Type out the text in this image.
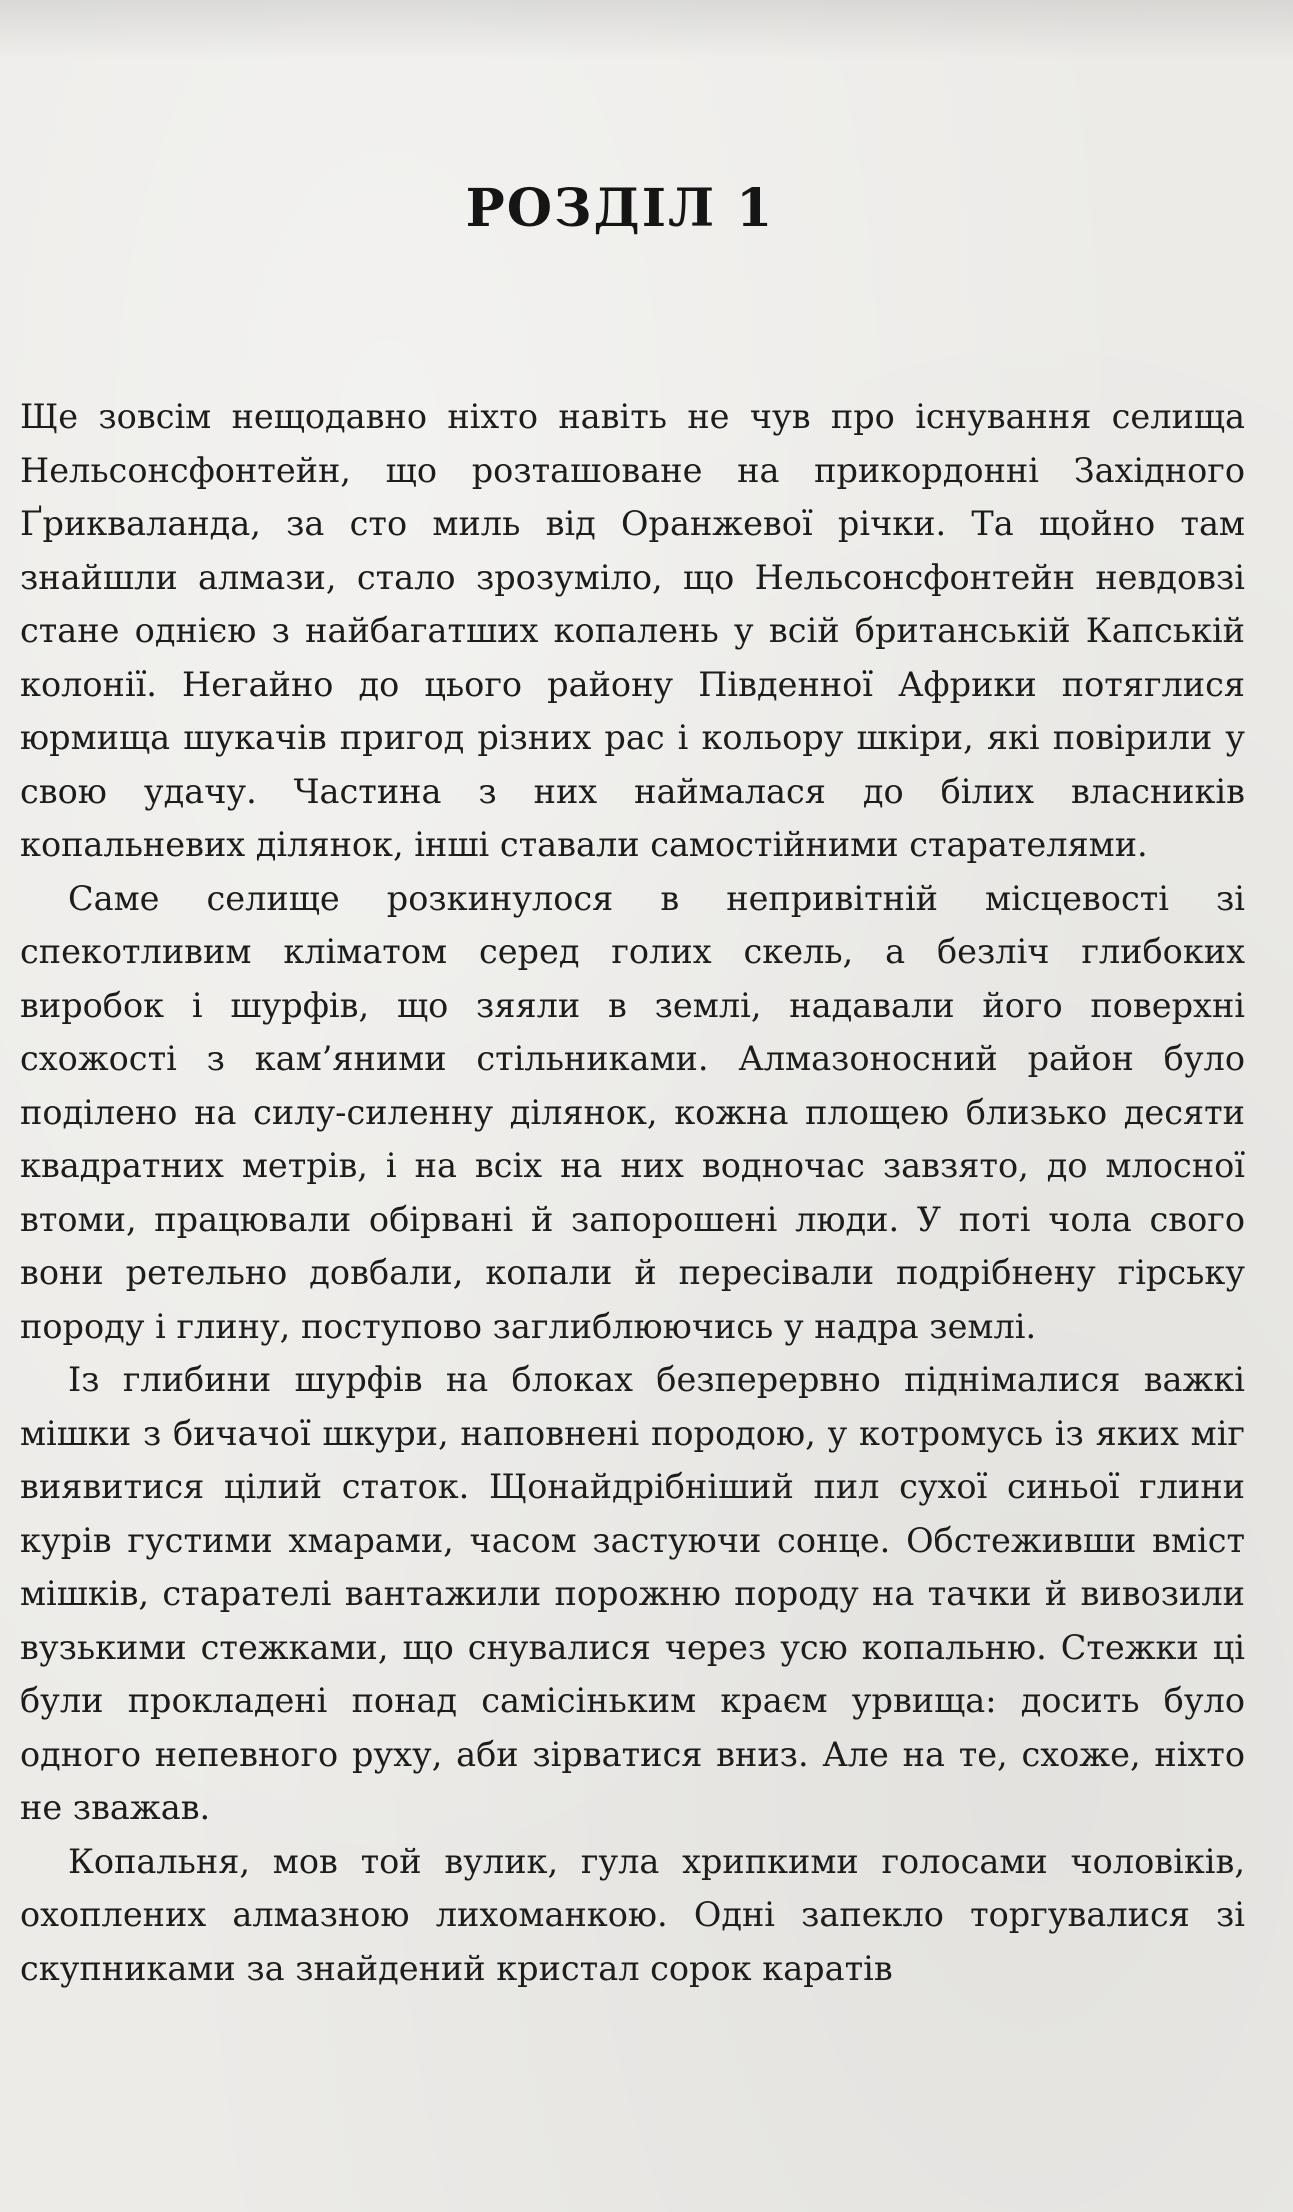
РОЗДІЛ 1

Ще зовсім нещодавно ніхто навіть не чув про існування селища Нельсонсфонтейн, що розташоване на прикордонні Західного Ґрикваланда, за сто миль від Оранжевої річки. Та щойно там знайшли алмази, стало зрозуміло, що Нельсонсфонтейн невдовзі стане однією з найбагатших копалень у всій британській Капській колонії. Негайно до цього району Південної Африки потяглися юрмища шукачів пригод різних рас і кольору шкіри, які повірили у свою удачу. Частина з них наймалася до білих власників копальневих ділянок, інші ставали самостійними старателями.

Саме селище розкинулося в непривітній місцевості зі спекотливим кліматом серед голих скель, а безліч глибоких виробок і шурфів, що зяяли в землі, надавали його поверхні схожості з кам’яними стільниками. Алмазоносний район було поділено на силу-силенну ділянок, кожна площею близько десяти квадратних метрів, і на всіх на них водночас завзято, до млосної втоми, працювали обірвані й запорошені люди. У поті чола свого вони ретельно довбали, копали й пересівали подрібнену гірську породу і глину, поступово заглиблюючись у надра землі.

Із глибини шурфів на блоках безперервно піднімалися важкі мішки з бичачої шкури, наповнені породою, у котромусь із яких міг виявитися цілий статок. Щонайдрібніший пил сухої синьої глини курів густими хмарами, часом застуючи сонце. Обстеживши вміст мішків, старателі вантажили порожню породу на тачки й вивозили вузькими стежками, що снувалися через усю копальню. Стежки ці були прокладені понад самісіньким краєм урвища: досить було одного непевного руху, аби зірватися вниз. Але на те, схоже, ніхто не зважав.

Копальня, мов той вулик, гула хрипкими голосами чоловіків, охоплених алмазною лихоманкою. Одні запекло торгувалися зі скупниками за знайдений кристал сорок каратів
